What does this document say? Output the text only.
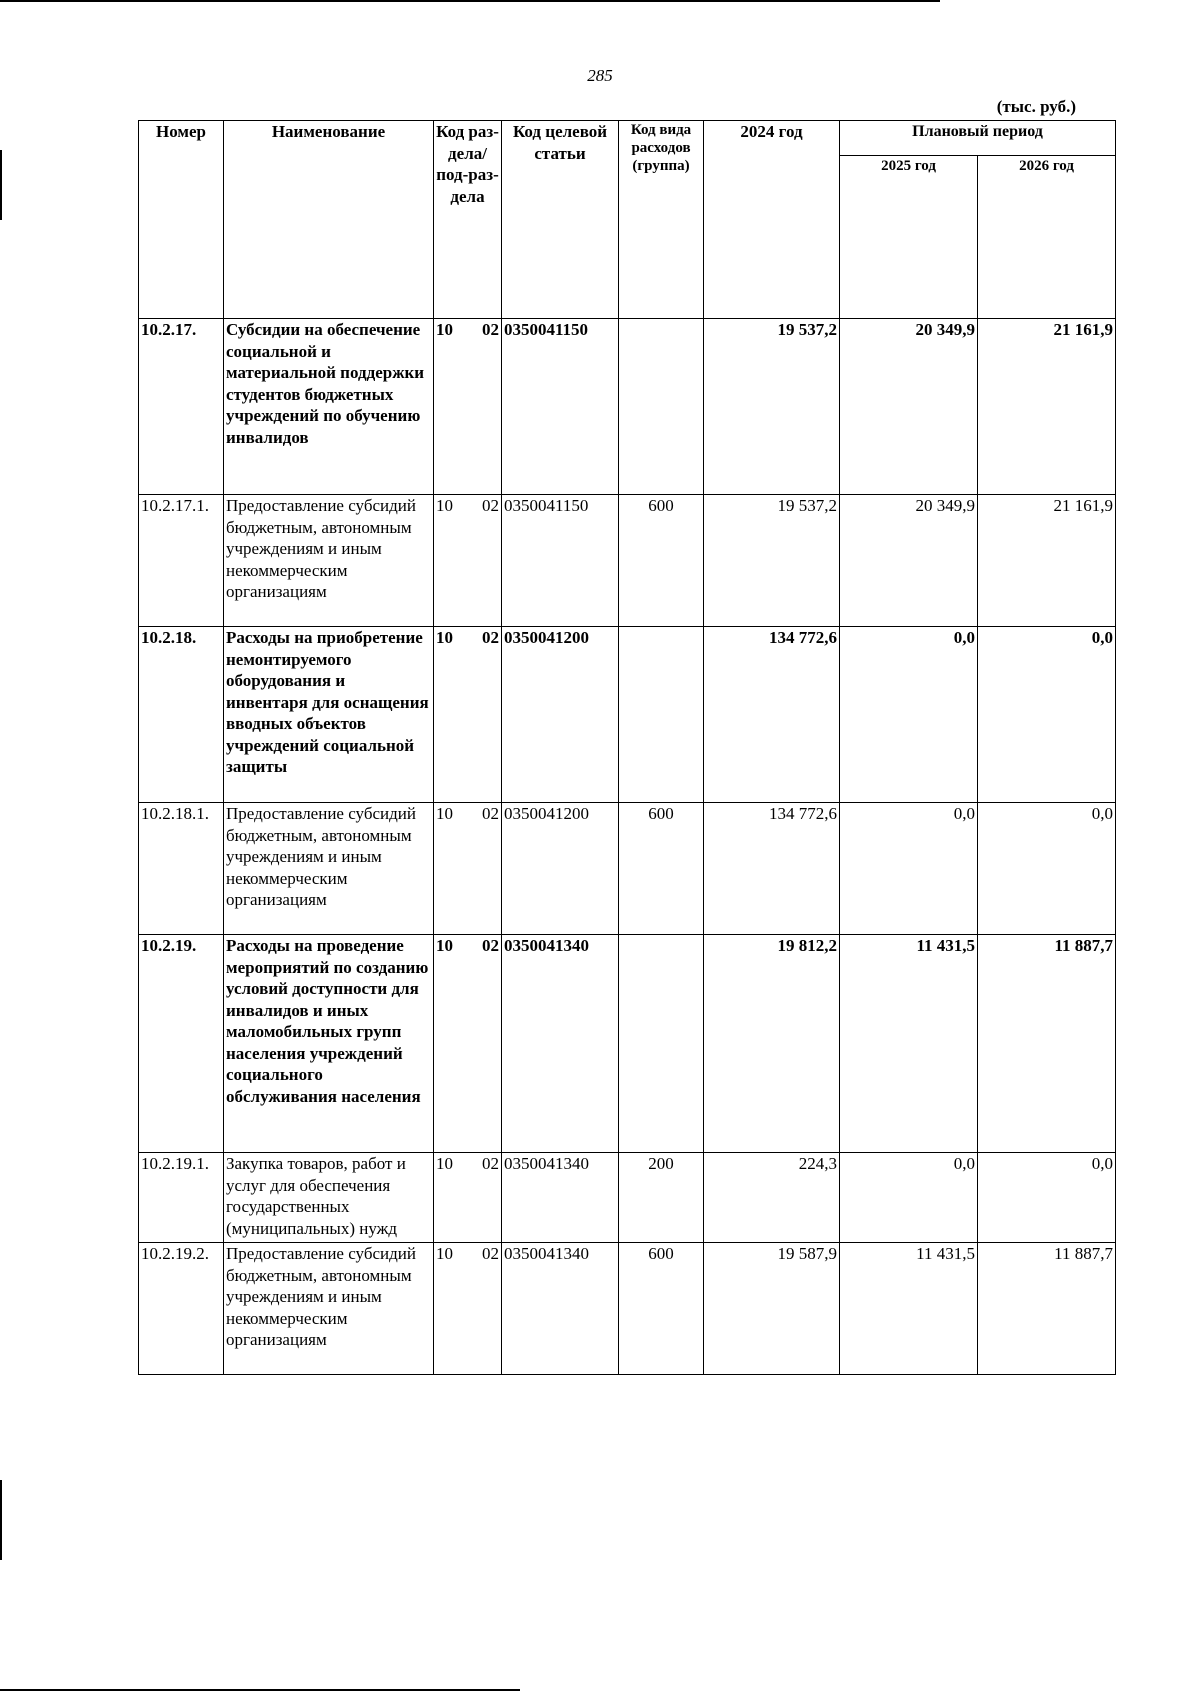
285
(тыс. руб.)
Номер	Наименование	Код раз-дела/ под-раз-дела	Код целевой статьи	Код вида расходов (группа)	2024 год	Плановый период	
						2025 год	2026 год
10.2.17.	Субсидии на обеспечение социальной и материальной поддержки студентов бюджетных учреждений по обучению инвалидов	10 02	0350041150		19 537,2	20 349,9	21 161,9
10.2.17.1.	Предоставление субсидий бюджетным, автономным учреждениям и иным некоммерческим организациям	10 02	0350041150	600	19 537,2	20 349,9	21 161,9
10.2.18.	Расходы на приобретение немонтируемого оборудования и инвентаря для оснащения вводных объектов учреждений социальной защиты	10 02	0350041200		134 772,6	0,0	0,0
10.2.18.1.	Предоставление субсидий бюджетным, автономным учреждениям и иным некоммерческим организациям	10 02	0350041200	600	134 772,6	0,0	0,0
10.2.19.	Расходы на проведение мероприятий по созданию условий доступности для инвалидов и иных маломобильных групп населения учреждений социального обслуживания населения	10 02	0350041340		19 812,2	11 431,5	11 887,7
10.2.19.1.	Закупка товаров, работ и услуг для обеспечения государственных (муниципальных) нужд	10 02	0350041340	200	224,3	0,0	0,0
10.2.19.2.	Предоставление субсидий бюджетным, автономным учреждениям и иным некоммерческим организациям	10 02	0350041340	600	19 587,9	11 431,5	11 887,7
